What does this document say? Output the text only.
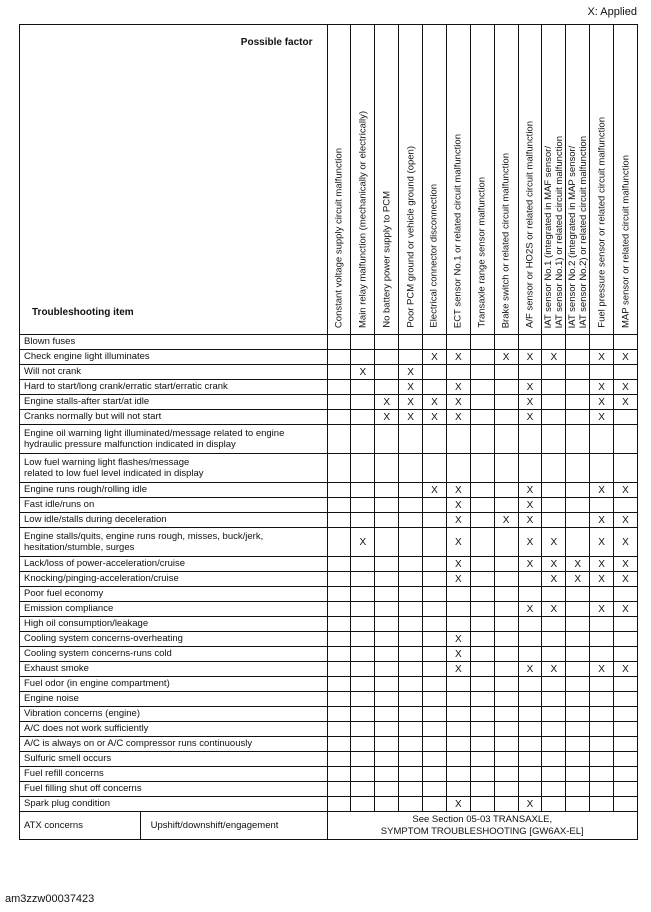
X: Applied
Possible factor
Troubleshooting item		Constant voltage supply circuit malfunction	Main relay malfunction (mechanically or electrically)	No battery power supply to PCM	Poor PCM ground or vehicle ground (open)	Electrical connector disconnection	ECT sensor No.1 or related circuit malfunction	Transaxle range sensor malfunction	Brake switch or related circuit malfunction	A/F sensor or HO2S or related circuit malfunction	IAT sensor No.1 (integrated in MAF sensor/
IAT sensor No.1) or related circuit malfunction	IAT sensor No.2 (integrated in MAP sensor/
IAT sensor No.2) or related circuit malfunction	Fuel pressure sensor or related circuit malfunction	MAP sensor or related circuit malfunction

Blown fuses														
Check engine light illuminates						X	X		X	X	X		X	X
Will not crank			X		X									
Hard to start/long crank/erratic start/erratic crank					X		X			X			X	X
Engine stalls-after start/at idle				X	X	X	X			X			X	X
Cranks normally but will not start				X	X	X	X			X			X	
Engine oil warning light illuminated/message related to engine
hydraulic pressure malfunction indicated in display														
Low fuel warning light flashes/message
related to low fuel level indicated in display														
Engine runs rough/rolling idle						X	X			X			X	X
Fast idle/runs on							X			X				
Low idle/stalls during deceleration							X		X	X			X	X
Engine stalls/quits, engine runs rough, misses, buck/jerk,
hesitation/stumble, surges			X				X			X	X		X	X
Lack/loss of power-acceleration/cruise							X			X	X	X	X	X
Knocking/pinging-acceleration/cruise							X				X	X	X	X
Poor fuel economy														
Emission compliance										X	X		X	X
High oil consumption/leakage														
Cooling system concerns-overheating							X							
Cooling system concerns-runs cold							X							
Exhaust smoke							X			X	X		X	X
Fuel odor (in engine compartment)														
Engine noise														
Vibration concerns (engine)														
A/C does not work sufficiently														
A/C is always on or A/C compressor runs continuously														
Sulfuric smell occurs														
Fuel refill concerns														
Fuel filling shut off concerns														
Spark plug condition							X			X				
ATX concerns	Upshift/downshift/engagement	See Section 05-03 TRANSAXLE,
SYMPTOM TROUBLESHOOTING [GW6AX-EL]												
am3zzw00037423
